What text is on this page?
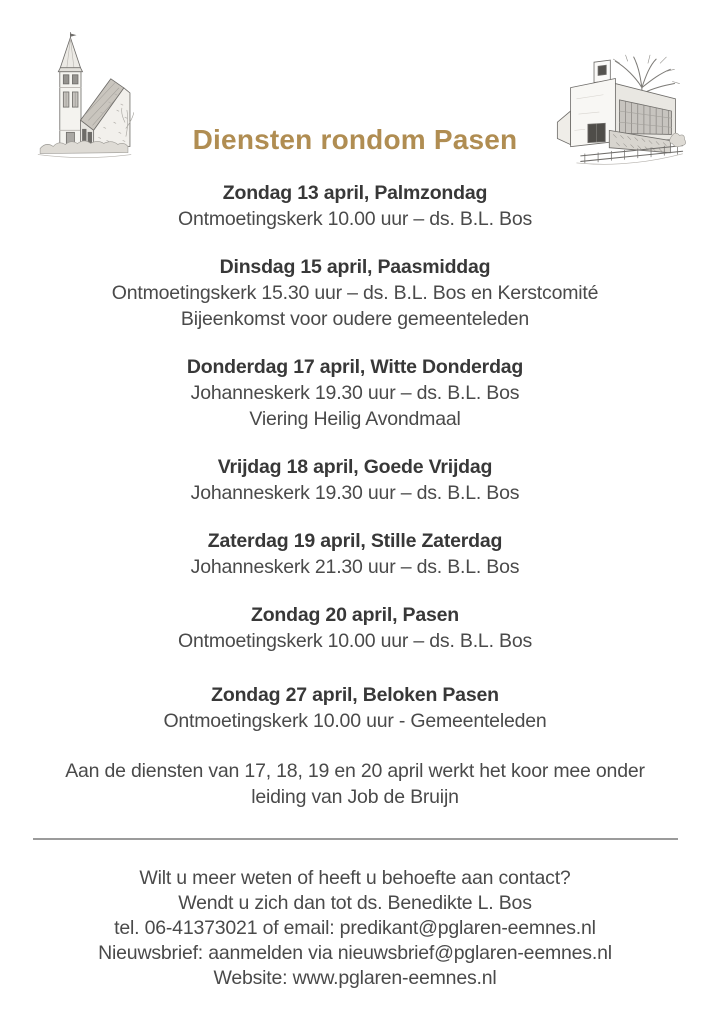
Diensten rondom Pasen
Zondag 13 april, Palmzondag
Ontmoetingskerk 10.00 uur – ds. B.L. Bos
Dinsdag 15 april, Paasmiddag
Ontmoetingskerk 15.30 uur – ds. B.L. Bos en Kerstcomité
Bijeenkomst voor oudere gemeenteleden
Donderdag 17 april, Witte Donderdag
Johanneskerk 19.30 uur – ds. B.L. Bos
Viering Heilig Avondmaal
Vrijdag 18 april, Goede Vrijdag
Johanneskerk 19.30 uur – ds. B.L. Bos
Zaterdag 19 april, Stille Zaterdag
Johanneskerk 21.30 uur – ds. B.L. Bos
Zondag 20 april, Pasen
Ontmoetingskerk 10.00 uur – ds. B.L. Bos
Zondag 27 april, Beloken Pasen
Ontmoetingskerk 10.00 uur - Gemeenteleden
Aan de diensten van 17, 18, 19 en 20 april werkt het koor mee onder
leiding van Job de Bruijn
Wilt u meer weten of heeft u behoefte aan contact?
Wendt u zich dan tot ds. Benedikte L. Bos
tel. 06-41373021 of email: predikant@pglaren-eemnes.nl
Nieuwsbrief: aanmelden via nieuwsbrief@pglaren-eemnes.nl
Website: www.pglaren-eemnes.nl
